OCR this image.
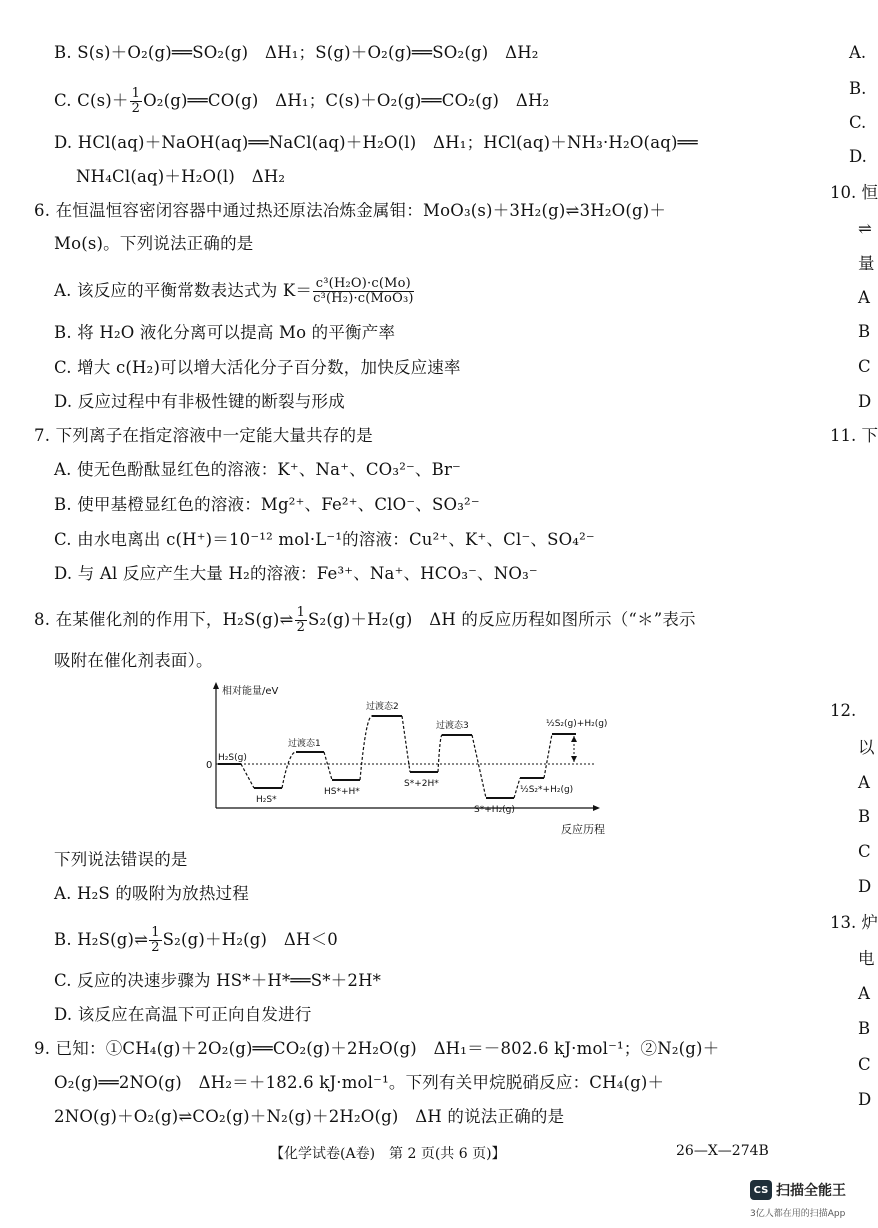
B. S(s)＋O₂(g)══SO₂(g)　ΔH₁；S(g)＋O₂(g)══SO₂(g)　ΔH₂
C. $C(s)+ \frac{1}{2}$ O₂(g)══CO(g)　ΔH₁；C(s)＋O₂(g)══CO₂(g)　ΔH₂
D. HCl(aq)＋NaOH(aq)══NaCl(aq)＋H₂O(l)　ΔH₁；HCl(aq)＋NH₃·H₂O(aq)══
NH₄Cl(aq)＋H₂O(l)　ΔH₂
6. 在恒温恒容密闭容器中通过热还原法冶炼金属钼：MoO₃(s)＋3H₂(g)⇌3H₂O(g)＋
Mo(s)。下列说法正确的是
A. 该反应的平衡常数表达式为 $K= \frac{\text{c³(H₂O)·c(Mo)}}{\text{c³(H₂)·c(MoO₃)}}$
B. 将 H₂O 液化分离可以提高 Mo 的平衡产率
C. 增大 c(H₂)可以增大活化分子百分数，加快反应速率
D. 反应过程中有非极性键的断裂与形成
7. 下列离子在指定溶液中一定能大量共存的是
A. 使无色酚酞显红色的溶液：K⁺、Na⁺、CO₃²⁻、Br⁻
B. 使甲基橙显红色的溶液：Mg²⁺、Fe²⁺、ClO⁻、SO₃²⁻
C. 由水电离出 c(H⁺)＝10⁻¹² mol·L⁻¹的溶液：Cu²⁺、K⁺、Cl⁻、SO₄²⁻
D. 与 Al 反应产生大量 H₂的溶液：Fe³⁺、Na⁺、HCO₃⁻、NO₃⁻
8. 在某催化剂的作用下，H₂S(g)⇌ $\frac{1}{2} S_2(g)+H_2(g)$　ΔH 的反应历程如图所示（“＊”表示
吸附在催化剂表面）。
相对能量/eV
反应历程
0
H₂S(g)
H₂S*
过渡态1
HS*+H*
过渡态2
S*+2H*
过渡态3
S*+H₂(g)
½S₂*+H₂(g)
½S₂(g)+H₂(g)
下列说法错误的是
A. H₂S 的吸附为放热过程
B. H₂S(g)⇌ $\frac{1}{2} S_2(g)+H_2(g)$　ΔH＜0
C. 反应的决速步骤为 HS*＋H*══S*＋2H*
D. 该反应在高温下可正向自发进行
9. 已知：①CH₄(g)＋2O₂(g)══CO₂(g)＋2H₂O(g)　ΔH₁＝－802.6 kJ·mol⁻¹；②N₂(g)＋
O₂(g)══2NO(g)　ΔH₂＝＋182.6 kJ·mol⁻¹。下列有关甲烷脱硝反应：CH₄(g)＋
2NO(g)＋O₂(g)⇌CO₂(g)＋N₂(g)＋2H₂O(g)　ΔH 的说法正确的是
A.
B.
C.
D.
10. 恒
⇌
量
A
B
C
D
11. 下
12.
以
A
B
C
D
13. 炉
电
A
B
C
D
【化学试卷(A卷)　第 2 页(共 6 页)】	26—X—274B
CS 扫描全能王
3亿人都在用的扫描App
